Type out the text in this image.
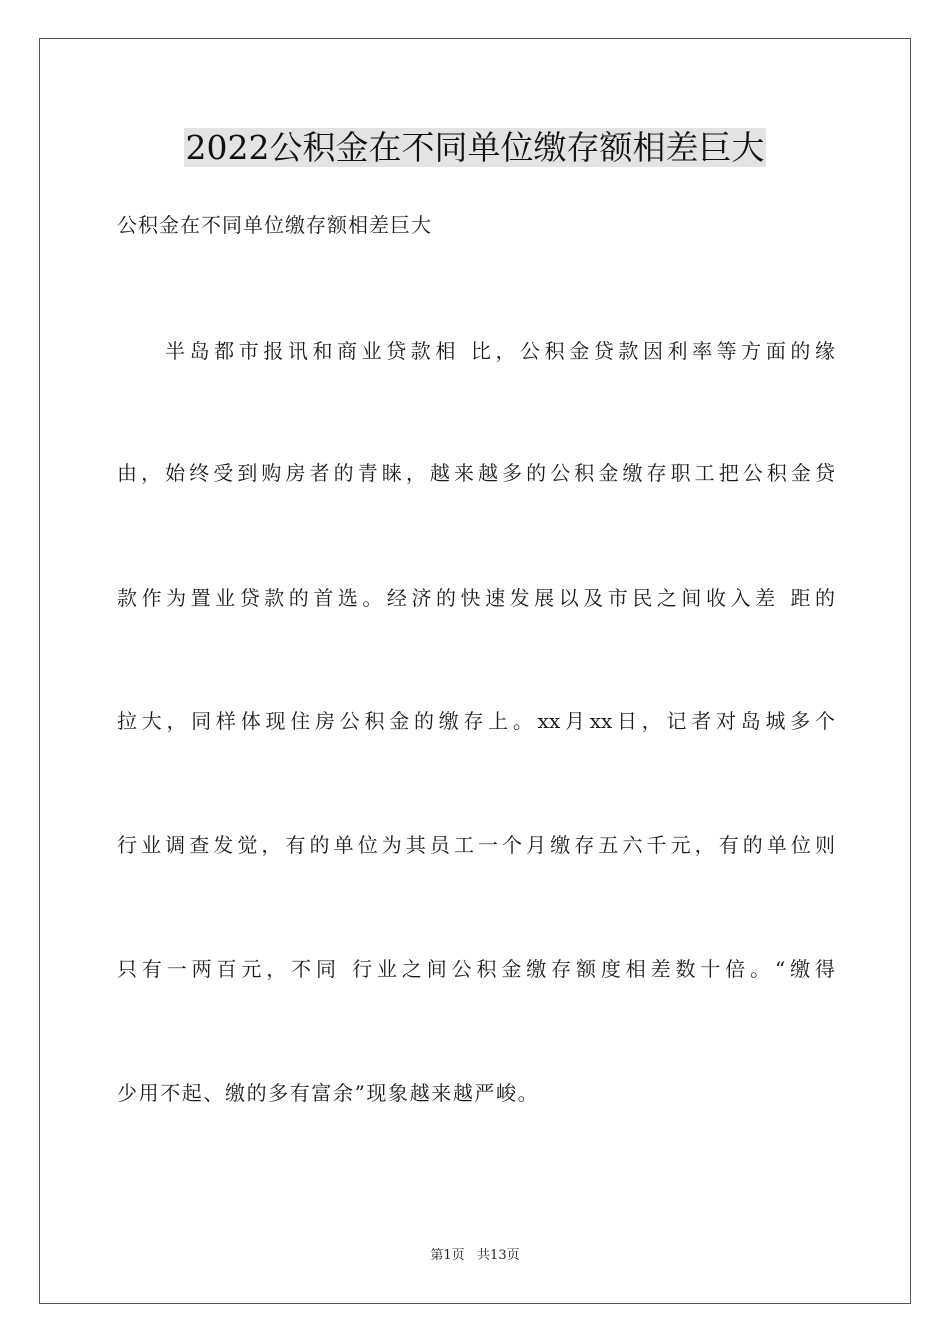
2022公积金在不同单位缴存额相差巨大
公积金在不同单位缴存额相差巨大
半岛都市报讯和商业贷款相 比，公积金贷款因利率等方面的缘
由，始终受到购房者的青睐，越来越多的公积金缴存职工把公积金贷
款作为置业贷款的首选。经济的快速发展以及市民之间收入差 距的
拉大，同样体现住房公积金的缴存上。xx月xx日，记者对岛城多个
行业调查发觉，有的单位为其员工一个月缴存五六千元，有的单位则
只有一两百元，不同 行业之间公积金缴存额度相差数十倍。“缴得
少用不起、缴的多有富余”现象越来越严峻。
第1页   共13页
